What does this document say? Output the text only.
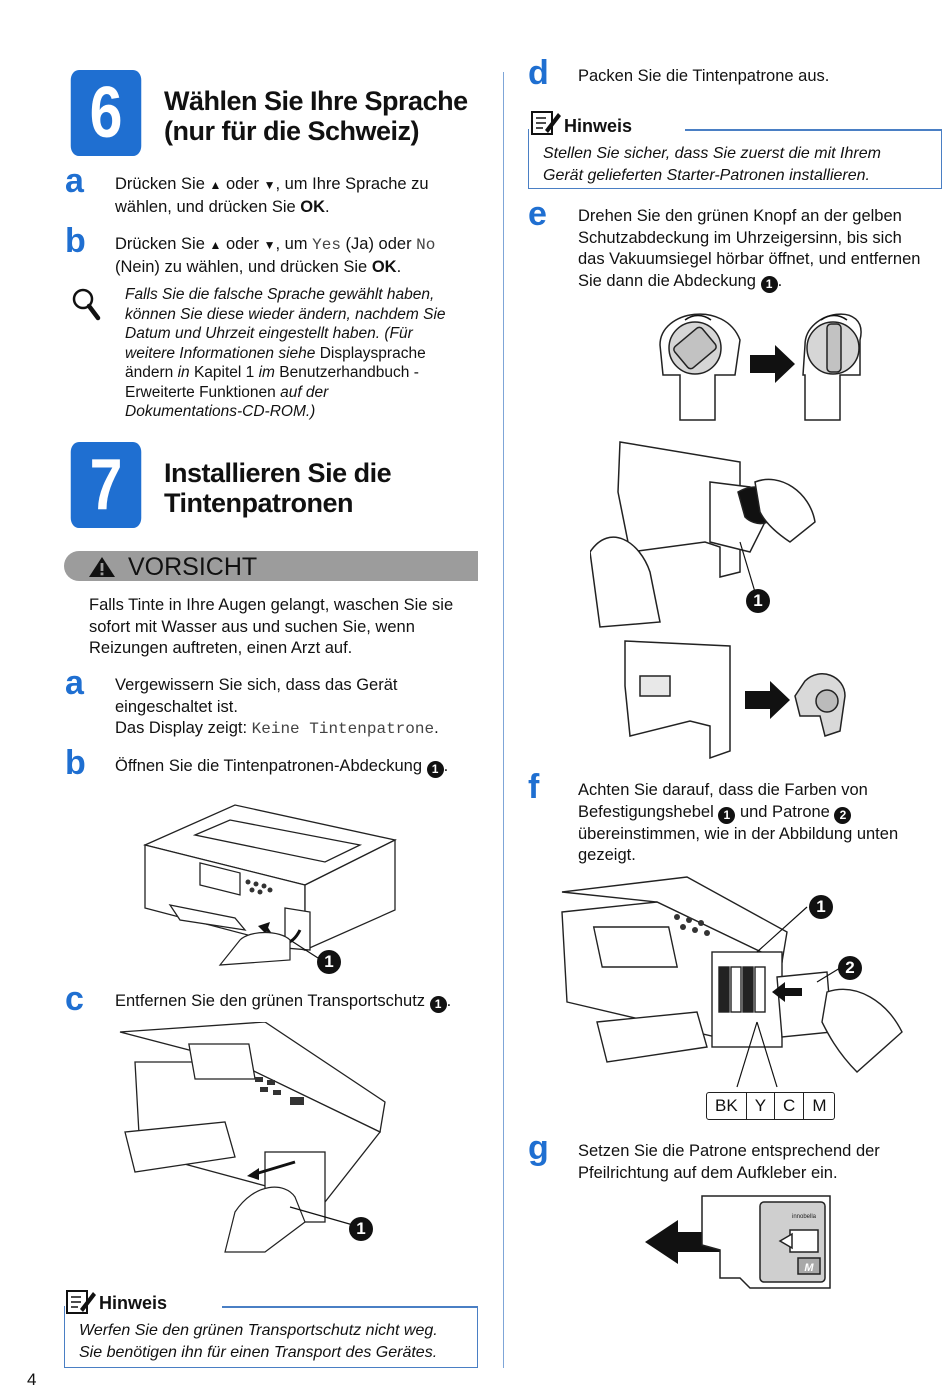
6	Wählen Sie Ihre Sprache
(nur für die Schweiz)
a Drücken Sie ▲ oder ▼, um Ihre Sprache zu
wählen, und drücken Sie OK.
b Drücken Sie ▲ oder ▼, um Yes (Ja) oder No
(Nein) zu wählen, und drücken Sie OK.
Falls Sie die falsche Sprache gewählt haben,
können Sie diese wieder ändern, nachdem Sie
Datum und Uhrzeit eingestellt haben. (Für
weitere Informationen siehe Displaysprache
ändern in Kapitel 1 im Benutzerhandbuch -
Erweiterte Funktionen auf der
Dokumentations-CD-ROM.)
7	Installieren Sie die
Tintenpatronen
VORSICHT
Falls Tinte in Ihre Augen gelangt, waschen Sie sie
sofort mit Wasser aus und suchen Sie, wenn
Reizungen auftreten, einen Arzt auf.
a Vergewissern Sie sich, dass das Gerät
eingeschaltet ist.
Das Display zeigt: Keine Tintenpatrone.
b Öffnen Sie die Tintenpatronen-Abdeckung 1 .
1
c Entfernen Sie den grünen Transportschutz 1 .
1
Hinweis
Werfen Sie den grünen Transportschutz nicht weg.
Sie benötigen ihn für einen Transport des Gerätes.
4
d Packen Sie die Tintenpatrone aus.
Hinweis
Stellen Sie sicher, dass Sie zuerst die mit Ihrem
Gerät gelieferten Starter-Patronen installieren.
e Drehen Sie den grünen Knopf an der gelben
Schutzabdeckung im Uhrzeigersinn, bis sich
das Vakuumsiegel hörbar öffnet, und entfernen
Sie dann die Abdeckung 1 .
1
f Achten Sie darauf, dass die Farben von
Befestigungshebel 1 und Patrone 2
übereinstimmen, wie in der Abbildung unten
gezeigt.
1
2
BK	Y	C	M
g Setzen Sie die Patrone entsprechend der
Pfeilrichtung auf dem Aufkleber ein.
innobella
M
